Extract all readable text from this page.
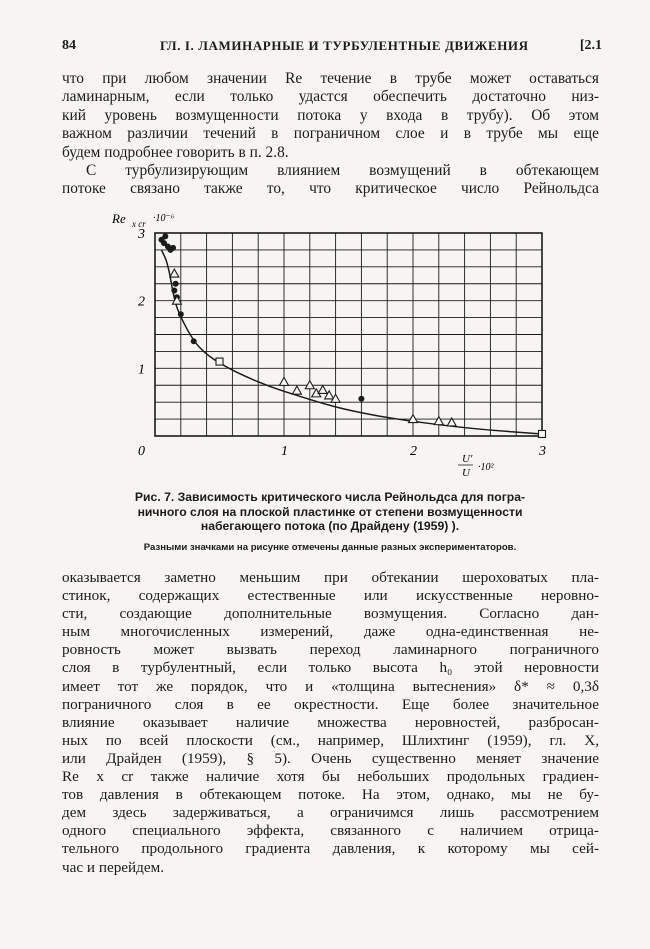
84	ГЛ. I. ЛАМИНАРНЫЕ И ТУРБУЛЕНТНЫЕ ДВИЖЕНИЯ	[2.1
что при любом значении Re течение в трубе может оставаться
ламинарным, если только удастся обеспечить достаточно низ-
кий уровень возмущенности потока у входа в трубу). Об этом
важном различии течений в пограничном слое и в трубе мы еще
будем подробнее говорить в п. 2.8.
С турбулизирующим влиянием возмущений в обтекающем
потоке связано также то, что критическое число Рейнольдса
Re x cr ·10⁻⁶
U′
U ·10²
0	1	2	3
1
2
3
Рис. 7. Зависимость критического числа Рейнольдса для погра-
ничного слоя на плоской пластинке от степени возмущенности
набегающего потока (по Драйдену (1959) ).
Разными значками на рисунке отмечены данные разных экспериментаторов.
оказывается заметно меньшим при обтекании шероховатых пла-
стинок, содержащих естественные или искусственные неровно-
сти, создающие дополнительные возмущения. Согласно дан-
ным многочисленных измерений, даже одна-единственная не-
ровность может вызвать переход ламинарного пограничного
слоя в турбулентный, если только высота h₀ этой неровности
имеет тот же порядок, что и «толщина вытеснения» δ* ≈ 0,3δ
пограничного слоя в ее окрестности. Еще более значительное
влияние оказывает наличие множества неровностей, разбросан-
ных по всей плоскости (см., например, Шлихтинг (1959), гл. X,
или Драйден (1959), § 5). Очень существенно меняет значение
Re x cr также наличие хотя бы небольших продольных градиен-
тов давления в обтекающем потоке. На этом, однако, мы не бу-
дем здесь задерживаться, а ограничимся лишь рассмотрением
одного специального эффекта, связанного с наличием отрица-
тельного продольного градиента давления, к которому мы сей-
час и перейдем.
